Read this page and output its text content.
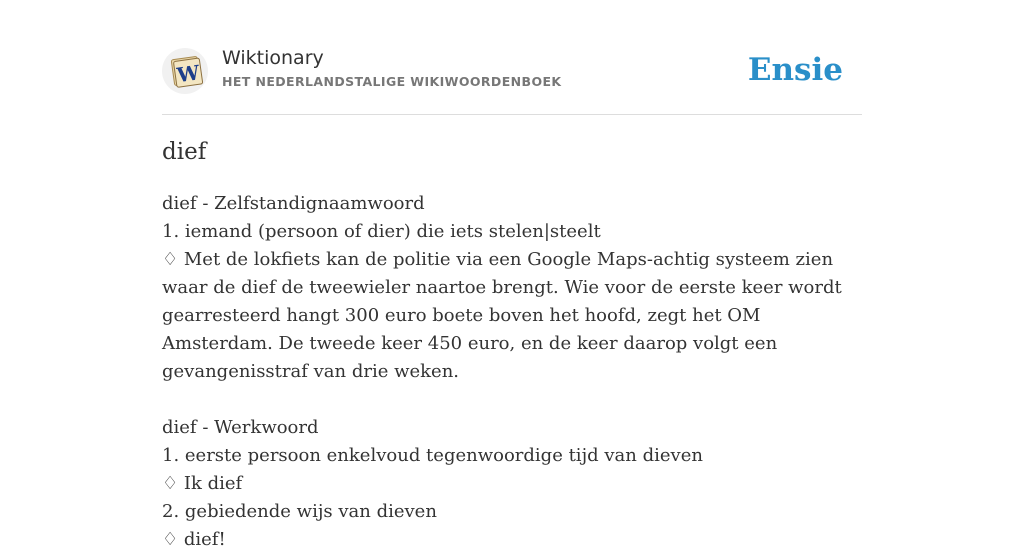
W
Wiktionary
HET NEDERLANDSTALIGE WIKIWOORDENBOEK	Ensie
dief
dief - Zelfstandignaamwoord
1. iemand (persoon of dier) die iets stelen|steelt
♢ Met de lokfiets kan de politie via een Google Maps-achtig systeem zien waar de dief de tweewieler naartoe brengt. Wie voor de eerste keer wordt gearresteerd hangt 300 euro boete boven het hoofd, zegt het OM Amsterdam. De tweede keer 450 euro, en de keer daarop volgt een gevangenisstraf van drie weken.
dief - Werkwoord
1. eerste persoon enkelvoud tegenwoordige tijd van dieven
♢ Ik dief
2. gebiedende wijs van dieven
♢ dief!
